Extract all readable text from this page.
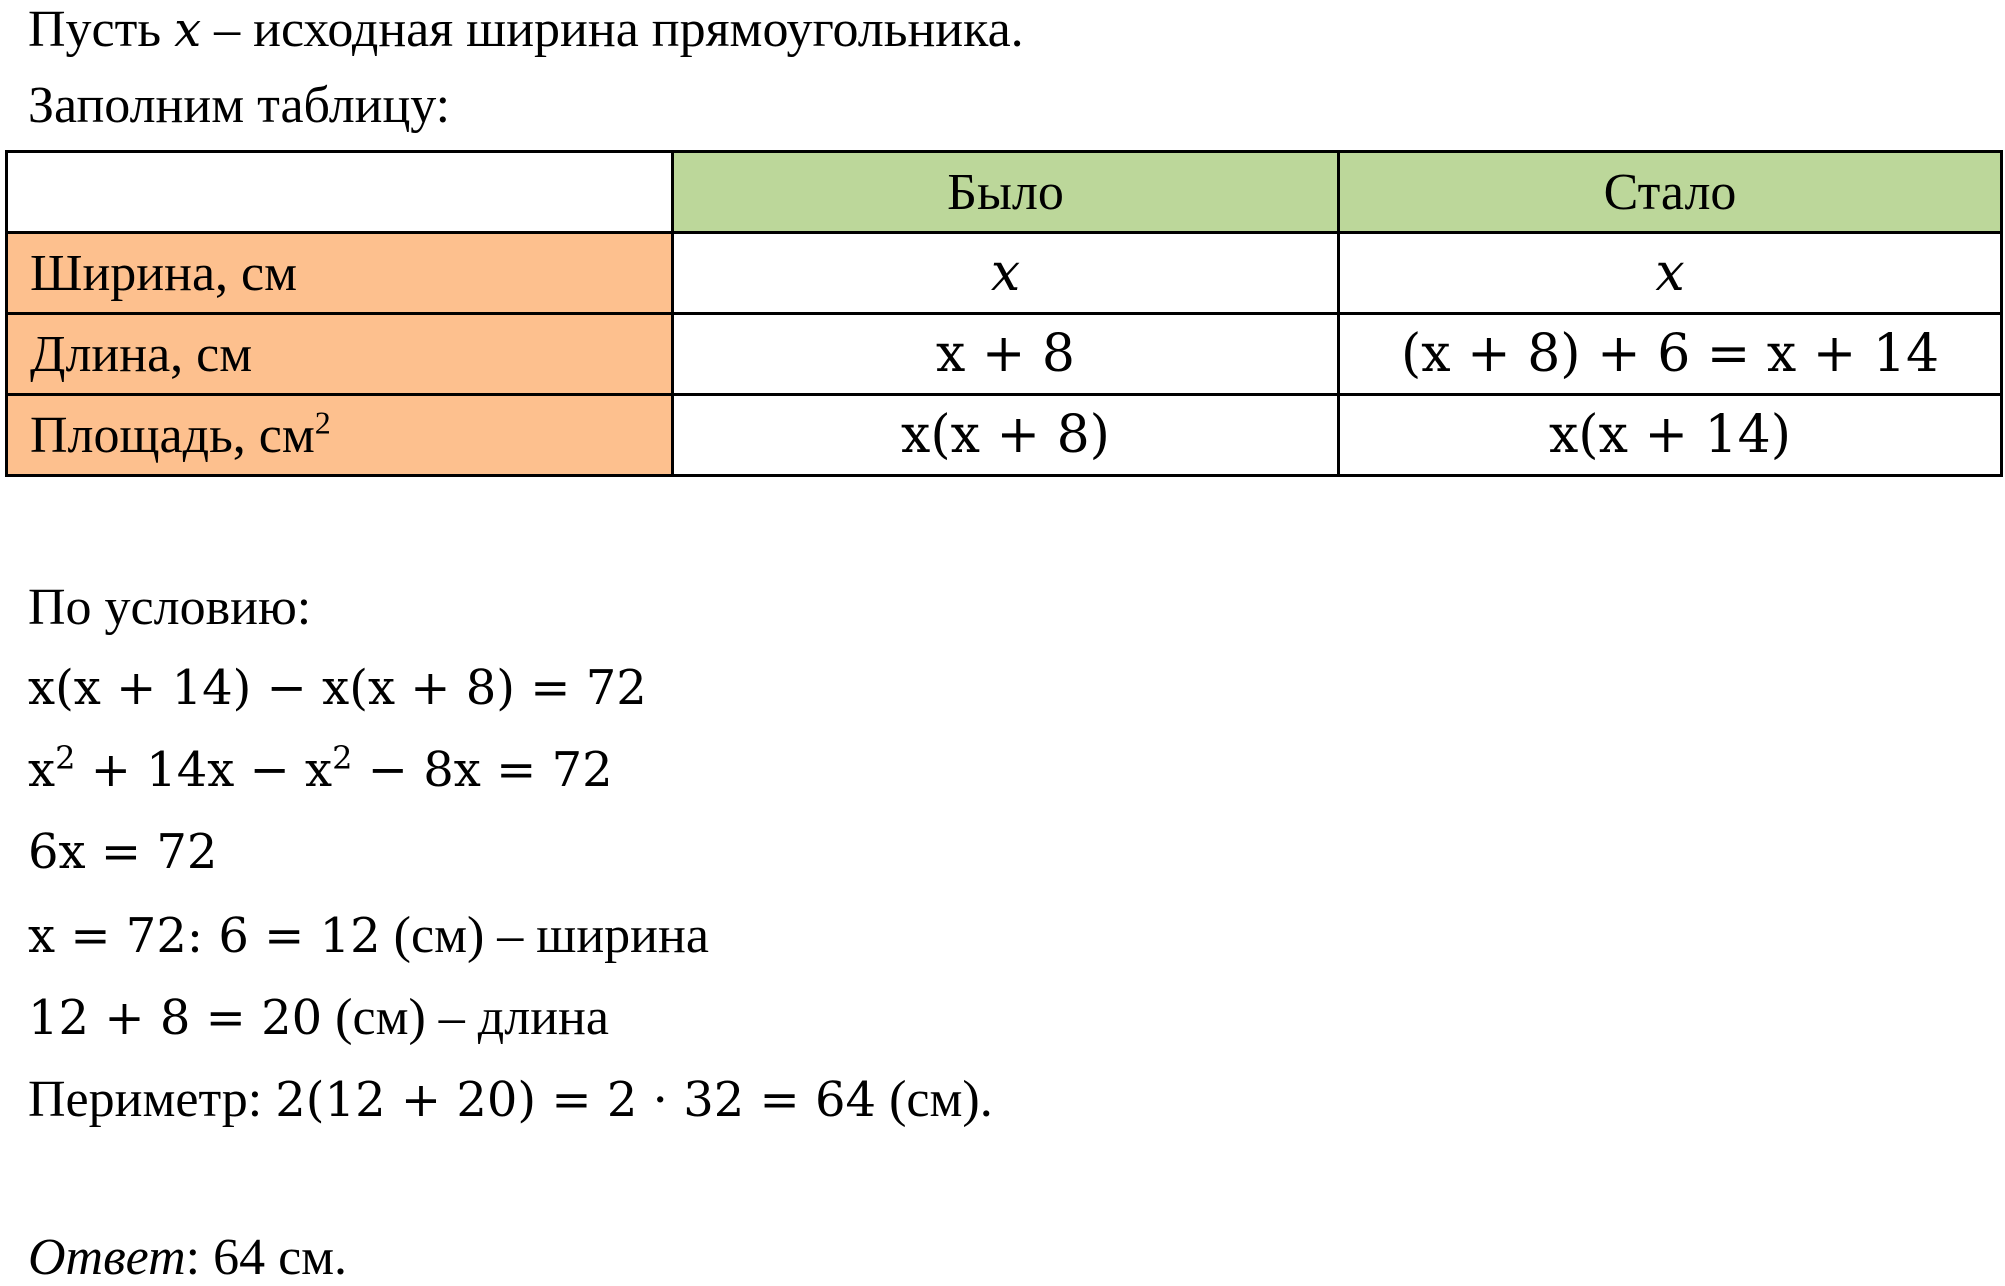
Пусть x – исходная ширина прямоугольника.
Заполним таблицу:
	Было	Стало
Ширина, см	x	x
Длина, см	x + 8	(x + 8) + 6 = x + 14
Площадь, $см^2$	x(x + 8)	x(x + 14)
По условию:
x(x + 14) − x(x + 8) = 72
$x^2 + 14x - x^2 - 8x = 72$
6x = 72
x = 72: 6 = 12 (см) – ширина
12 + 8 = 20 (см) – длина
Периметр: 2(12 + 20) = 2 · 32 = 64 (см).
Ответ: 64 см.
